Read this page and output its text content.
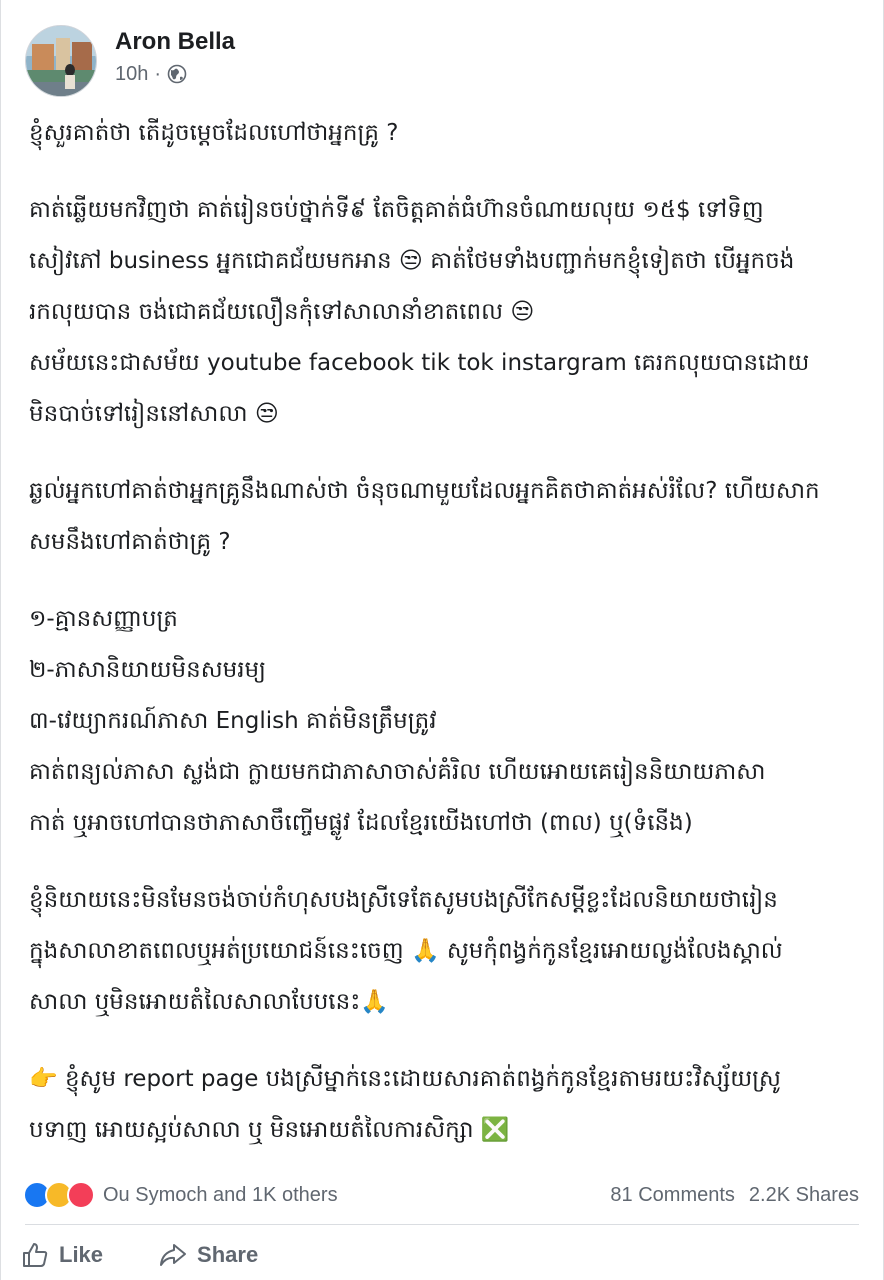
Aron Bella
10h ·
ខ្ញុំសួរគាត់ថា តើដូចម្ដេចដែលហៅថាអ្នកគ្រូ ?
គាត់ឆ្លើយមកវិញថា គាត់រៀនចប់ថ្នាក់ទី៩ តែចិត្តគាត់ធំហ៊ានចំណាយលុយ ១៥$ ទៅទិញ
សៀវភៅ business អ្នកជោគជ័យមកអាន 😒 គាត់ថែមទាំងបញ្ជាក់មកខ្ញុំទៀតថា បើអ្នកចង់
រកលុយបាន ចង់ជោគជ័យលឿនកុំទៅសាលានាំខាតពេល 😒
សម័យនេះជាសម័យ youtube facebook tik tok instargram គេរកលុយបានដោយ
មិនបាច់ទៅរៀននៅសាលា 😒
ឆ្ងល់អ្នកហៅគាត់ថាអ្នកគ្រូនឹងណាស់ថា ចំនុចណាមួយដែលអ្នកគិតថាគាត់អស់រំលែ? ហើយសាក
សមនឹងហៅគាត់ថាគ្រូ ?
១-គ្មានសញ្ញាបត្រ
២-ភាសានិយាយមិនសមរម្យ
៣-វេយ្យាករណ៍ភាសា English គាត់មិនត្រឹមត្រូវ
គាត់ពន្យល់ភាសា ស្លង់ជា ក្លាយមកជាភាសាចាស់គំរិល ហើយអោយគេរៀននិយាយភាសា
កាត់ ឬអាចហៅបានថាភាសាចឹញ្ចើមផ្លូវ ដែលខ្មែរយើងហៅថា (ពាល) ឬ(ទំនើង)
ខ្ញុំនិយាយនេះមិនមែនចង់ចាប់កំហុសបងស្រីទេតែសូមបងស្រីកែសម្ដីខ្លះដែលនិយាយថារៀន
ក្នុងសាលាខាតពេលឬអត់ប្រយោជន៍នេះចេញ 🙏 សូមកុំពង្វក់កូនខ្មែរអោយល្ងង់លែងស្គាល់
សាលា ឬមិនអោយតំលៃសាលាបែបនេះ🙏
👉 ខ្ញុំសូម report page បងស្រីម្នាក់នេះដោយសារគាត់ពង្វក់កូនខ្មែរតាមរយះវិស្ស័យស្រូ
បទាញ អោយស្អប់សាលា ឬ មិនអោយតំលៃការសិក្សា ❎
Ou Symoch and 1K others	81 Comments 2.2K Shares
Like	Share
